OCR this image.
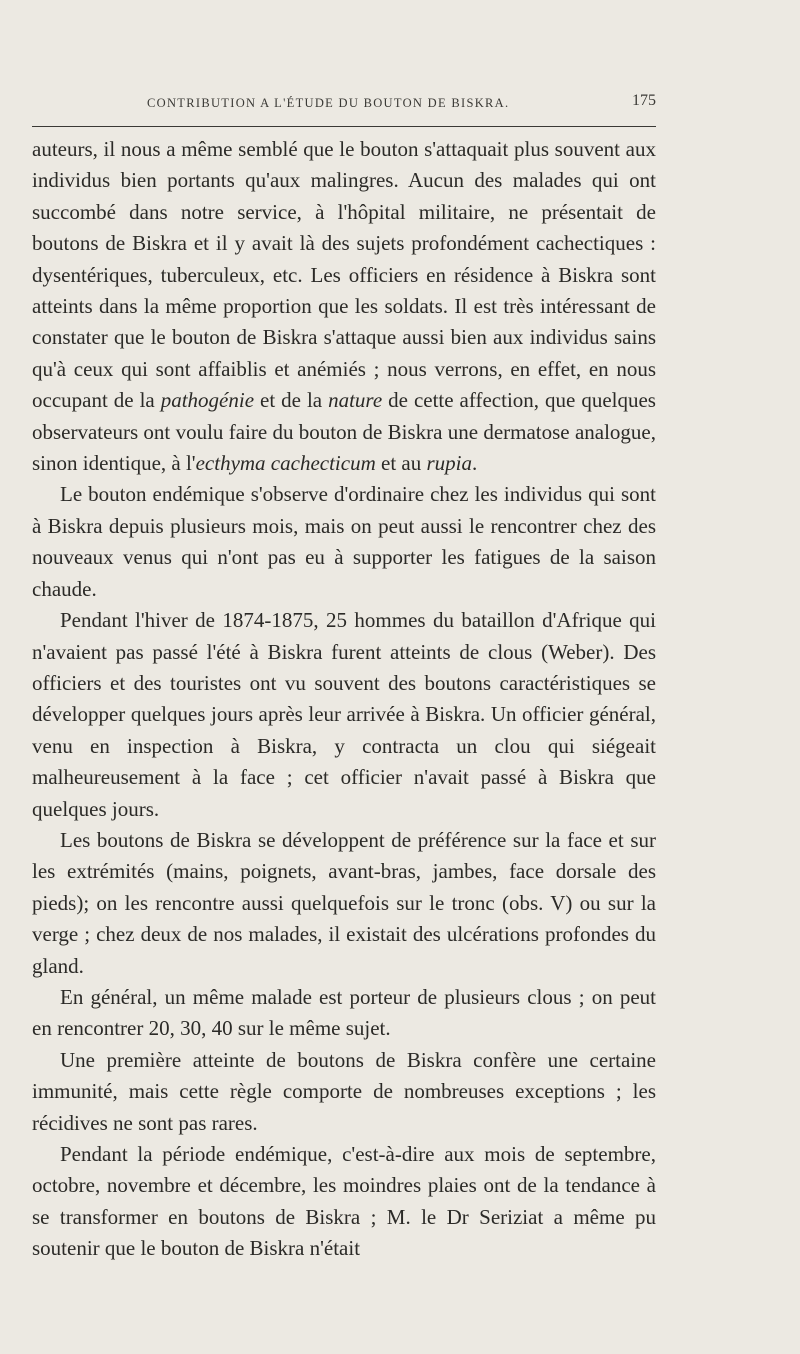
CONTRIBUTION A L'ÉTUDE DU BOUTON DE BISKRA.	175

auteurs, il nous a même semblé que le bouton s'attaquait plus souvent aux individus bien portants qu'aux malingres. Aucun des malades qui ont succombé dans notre service, à l'hôpital militaire, ne présentait de boutons de Biskra et il y avait là des sujets profondément cachectiques : dysentériques, tuberculeux, etc. Les officiers en résidence à Biskra sont atteints dans la même proportion que les soldats. Il est très intéressant de constater que le bouton de Biskra s'attaque aussi bien aux individus sains qu'à ceux qui sont affaiblis et anémiés ; nous verrons, en effet, en nous occupant de la pathogénie et de la nature de cette affection, que quelques observateurs ont voulu faire du bouton de Biskra une dermatose analogue, sinon identique, à l'ecthyma cachecticum et au rupia.

Le bouton endémique s'observe d'ordinaire chez les individus qui sont à Biskra depuis plusieurs mois, mais on peut aussi le rencontrer chez des nouveaux venus qui n'ont pas eu à supporter les fatigues de la saison chaude.

Pendant l'hiver de 1874-1875, 25 hommes du bataillon d'Afrique qui n'avaient pas passé l'été à Biskra furent atteints de clous (Weber). Des officiers et des touristes ont vu souvent des boutons caractéristiques se développer quelques jours après leur arrivée à Biskra. Un officier général, venu en inspection à Biskra, y contracta un clou qui siégeait malheureusement à la face ; cet officier n'avait passé à Biskra que quelques jours.

Les boutons de Biskra se développent de préférence sur la face et sur les extrémités (mains, poignets, avant-bras, jambes, face dorsale des pieds); on les rencontre aussi quelquefois sur le tronc (obs. V) ou sur la verge ; chez deux de nos malades, il existait des ulcérations profondes du gland.

En général, un même malade est porteur de plusieurs clous ; on peut en rencontrer 20, 30, 40 sur le même sujet.

Une première atteinte de boutons de Biskra confère une certaine immunité, mais cette règle comporte de nombreuses exceptions ; les récidives ne sont pas rares.

Pendant la période endémique, c'est-à-dire aux mois de septembre, octobre, novembre et décembre, les moindres plaies ont de la tendance à se transformer en boutons de Biskra ; M. le Dr Seriziat a même pu soutenir que le bouton de Biskra n'était
